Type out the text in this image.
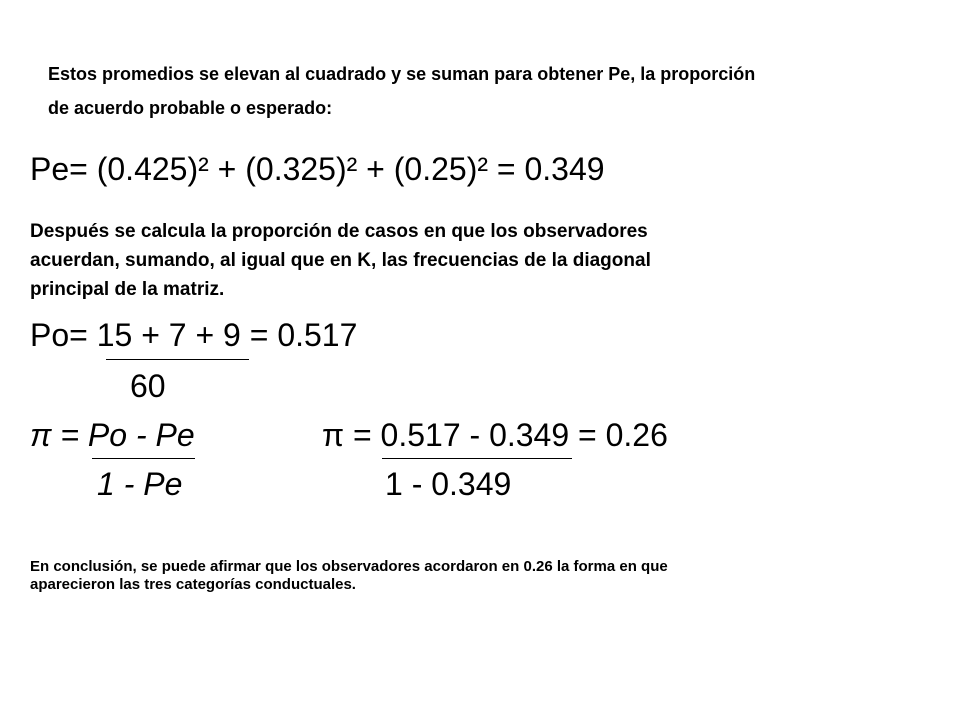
Estos promedios se elevan al cuadrado y se suman para obtener Pe, la proporción
de acuerdo probable o esperado:
Pe= (0.425)² + (0.325)² + (0.25)² = 0.349
Después se calcula la proporción de casos en que los observadores
acuerdan, sumando, al igual que en K, las frecuencias de la diagonal
principal de la matriz.
Po= 15 + 7 + 9 = 0.517
60
π = Po - Pe
1 - Pe
π = 0.517 - 0.349 = 0.26
1 - 0.349
En conclusión, se puede afirmar que los observadores acordaron en 0.26 la forma en que
aparecieron las tres categorías conductuales.
